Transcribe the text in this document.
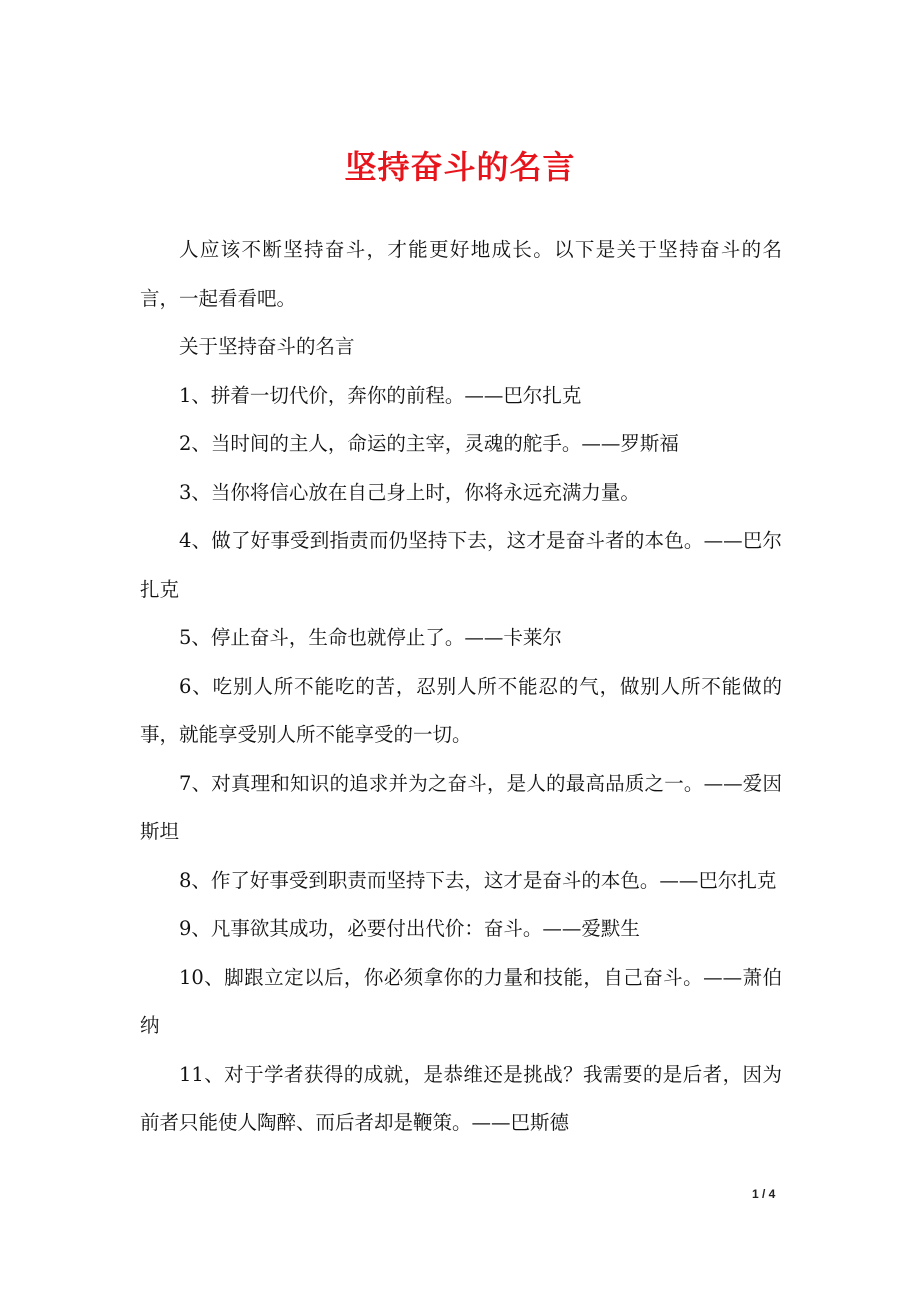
坚持奋斗的名言

人应该不断坚持奋斗，才能更好地成长。以下是关于坚持奋斗的名言，一起看看吧。

关于坚持奋斗的名言

1、拼着一切代价，奔你的前程。——巴尔扎克

2、当时间的主人，命运的主宰，灵魂的舵手。——罗斯福

3、当你将信心放在自己身上时，你将永远充满力量。

4、做了好事受到指责而仍坚持下去，这才是奋斗者的本色。——巴尔扎克

5、停止奋斗，生命也就停止了。——卡莱尔

6、吃别人所不能吃的苦，忍别人所不能忍的气，做别人所不能做的事，就能享受别人所不能享受的一切。

7、对真理和知识的追求并为之奋斗，是人的最高品质之一。——爱因斯坦

8、作了好事受到职责而坚持下去，这才是奋斗的本色。——巴尔扎克

9、凡事欲其成功，必要付出代价：奋斗。——爱默生

10、脚跟立定以后，你必须拿你的力量和技能，自己奋斗。——萧伯纳

11、对于学者获得的成就，是恭维还是挑战？我需要的是后者，因为前者只能使人陶醉、而后者却是鞭策。——巴斯德

1 / 4
